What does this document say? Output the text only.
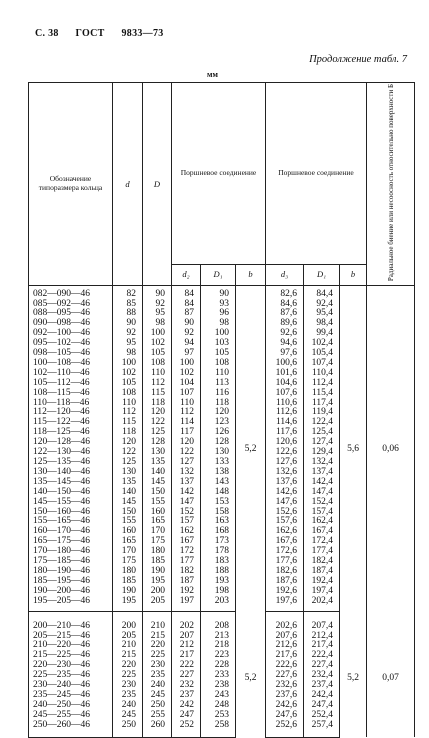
С. 38 ГОСТ 9833—73
Продолжение табл. 7
мм
Обозначение типоразмера кольца	d	D	Поршневое соединение			Поршневое соединение			Радиальное биение или несоосность относительно поверхности Б
			d₂	D₁	b	d₃	D₁	b	
082—090—46	82	90	84	90	5,2	82,6	84,4	5,6	0,06
085—092—46	85	92	84	93		84,6	92,4		
088—095—46	88	95	87	96		87,6	95,4		
090—098—46	90	98	90	98		89,6	98,4		
092—100—46	92	100	92	100		92,6	99,4		
095—102—46	95	102	94	103		94,6	102,4		
098—105—46	98	105	97	105		97,6	105,4		
100—108—46	100	108	100	108		100,6	107,4		
102—110—46	102	110	102	110		101,6	110,4		
105—112—46	105	112	104	113		104,6	112,4		
108—115—46	108	115	107	116		107,6	115,4		
110—118—46	110	118	110	118		110,6	117,4		
112—120—46	112	120	112	120		112,6	119,4		
115—122—46	115	122	114	123		114,6	122,4		
118—125—46	118	125	117	126		117,6	125,4		
120—128—46	120	128	120	128		120,6	127,4		
122—130—46	122	130	122	130		122,6	129,4		
125—135—46	125	135	127	133		127,6	132,4		
130—140—46	130	140	132	138		132,6	137,4		
135—145—46	135	145	137	143		137,6	142,4		
140—150—46	140	150	142	148		142,6	147,4		
145—155—46	145	155	147	153		147,6	152,4		
150—160—46	150	160	152	158		152,6	157,4		
155—165—46	155	165	157	163		157,6	162,4		
160—170—46	160	170	162	168		162,6	167,4		
165—175—46	165	175	167	173		167,6	172,4		
170—180—46	170	180	172	178		172,6	177,4		
175—185—46	175	185	177	183		177,6	182,4		
180—190—46	180	190	182	188		182,6	187,4		
185—195—46	185	195	187	193		187,6	192,4		
190—200—46	190	200	192	198		192,6	197,4		
195—205—46	195	205	197	203		197,6	202,4		
200—210—46	200	210	202	208	5,2	202,6	207,4	5,2	0,07
205—215—46	205	215	207	213		207,6	212,4		
210—220—46	210	220	212	218		212,6	217,4		
215—225—46	215	225	217	223		217,6	222,4		
220—230—46	220	230	222	228		222,6	227,4		
225—235—46	225	235	227	233		227,6	232,4		
230—240—46	230	240	232	238		232,6	237,4		
235—245—46	235	245	237	243		237,6	242,4		
240—250—46	240	250	242	248		242,6	247,4		
245—255—46	245	255	247	253		247,6	252,4		
250—260—46	250	260	252	258		252,6	257,4		
